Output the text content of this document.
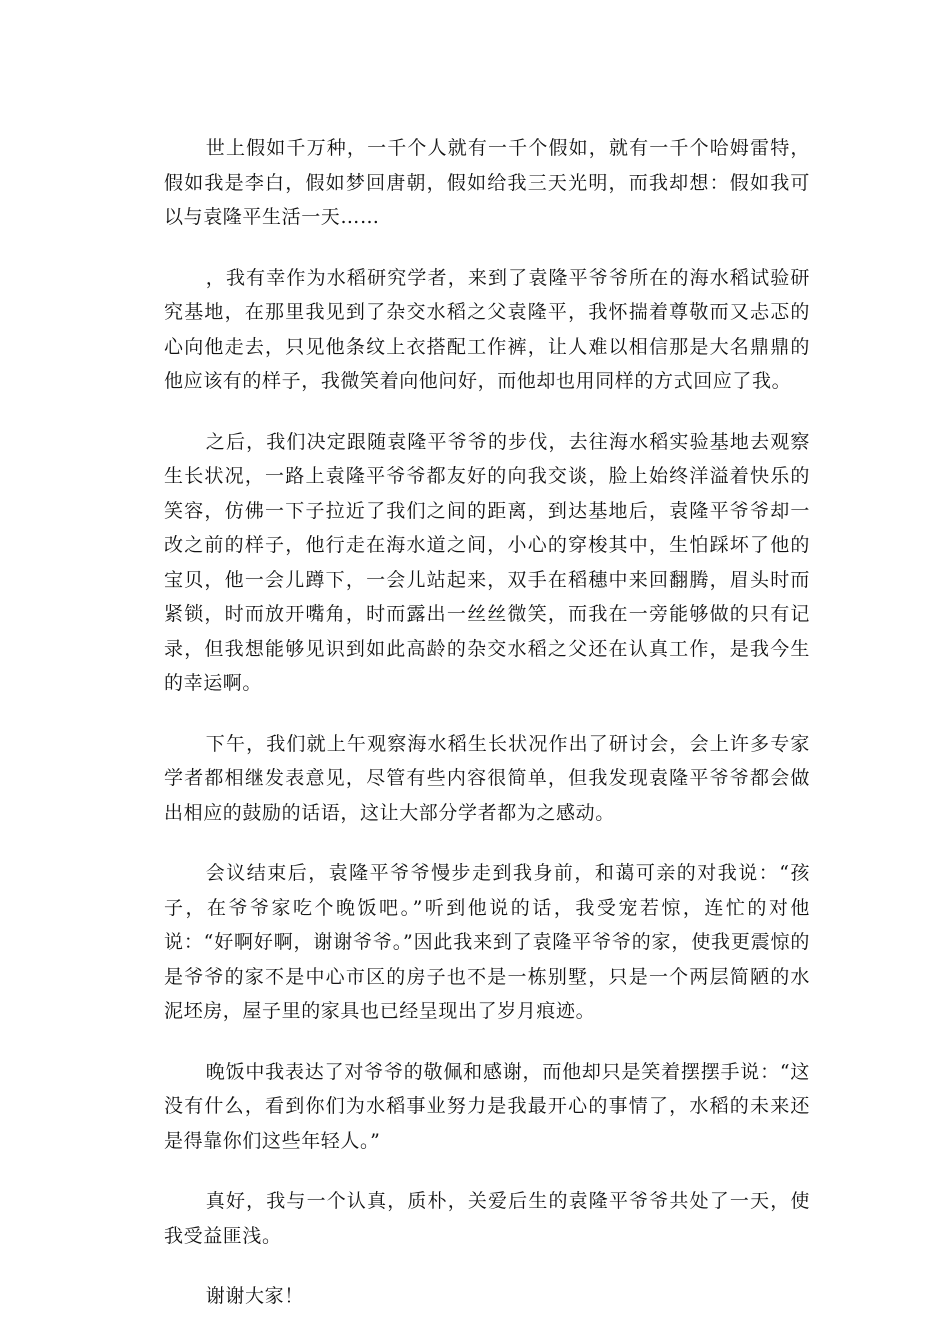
世上假如千万种，一千个人就有一千个假如，就有一千个哈姆雷特，假如我是李白，假如梦回唐朝，假如给我三天光明，而我却想：假如我可以与袁隆平生活一天……

，我有幸作为水稻研究学者，来到了袁隆平爷爷所在的海水稻试验研究基地，在那里我见到了杂交水稻之父袁隆平，我怀揣着尊敬而又忐忑的心向他走去，只见他条纹上衣搭配工作裤，让人难以相信那是大名鼎鼎的他应该有的样子，我微笑着向他问好，而他却也用同样的方式回应了我。

之后，我们决定跟随袁隆平爷爷的步伐，去往海水稻实验基地去观察生长状况，一路上袁隆平爷爷都友好的向我交谈，脸上始终洋溢着快乐的笑容，仿佛一下子拉近了我们之间的距离，到达基地后，袁隆平爷爷却一改之前的样子，他行走在海水道之间，小心的穿梭其中，生怕踩坏了他的宝贝，他一会儿蹲下，一会儿站起来，双手在稻穗中来回翻腾，眉头时而紧锁，时而放开嘴角，时而露出一丝丝微笑，而我在一旁能够做的只有记录，但我想能够见识到如此高龄的杂交水稻之父还在认真工作，是我今生的幸运啊。

下午，我们就上午观察海水稻生长状况作出了研讨会，会上许多专家学者都相继发表意见，尽管有些内容很简单，但我发现袁隆平爷爷都会做出相应的鼓励的话语，这让大部分学者都为之感动。

会议结束后，袁隆平爷爷慢步走到我身前，和蔼可亲的对我说：“孩子，在爷爷家吃个晚饭吧。”听到他说的话，我受宠若惊，连忙的对他说：“好啊好啊，谢谢爷爷。”因此我来到了袁隆平爷爷的家，使我更震惊的是爷爷的家不是中心市区的房子也不是一栋别墅，只是一个两层简陋的水泥坯房，屋子里的家具也已经呈现出了岁月痕迹。

晚饭中我表达了对爷爷的敬佩和感谢，而他却只是笑着摆摆手说：“这没有什么，看到你们为水稻事业努力是我最开心的事情了，水稻的未来还是得靠你们这些年轻人。”

真好，我与一个认真，质朴，关爱后生的袁隆平爷爷共处了一天，使我受益匪浅。

谢谢大家！
